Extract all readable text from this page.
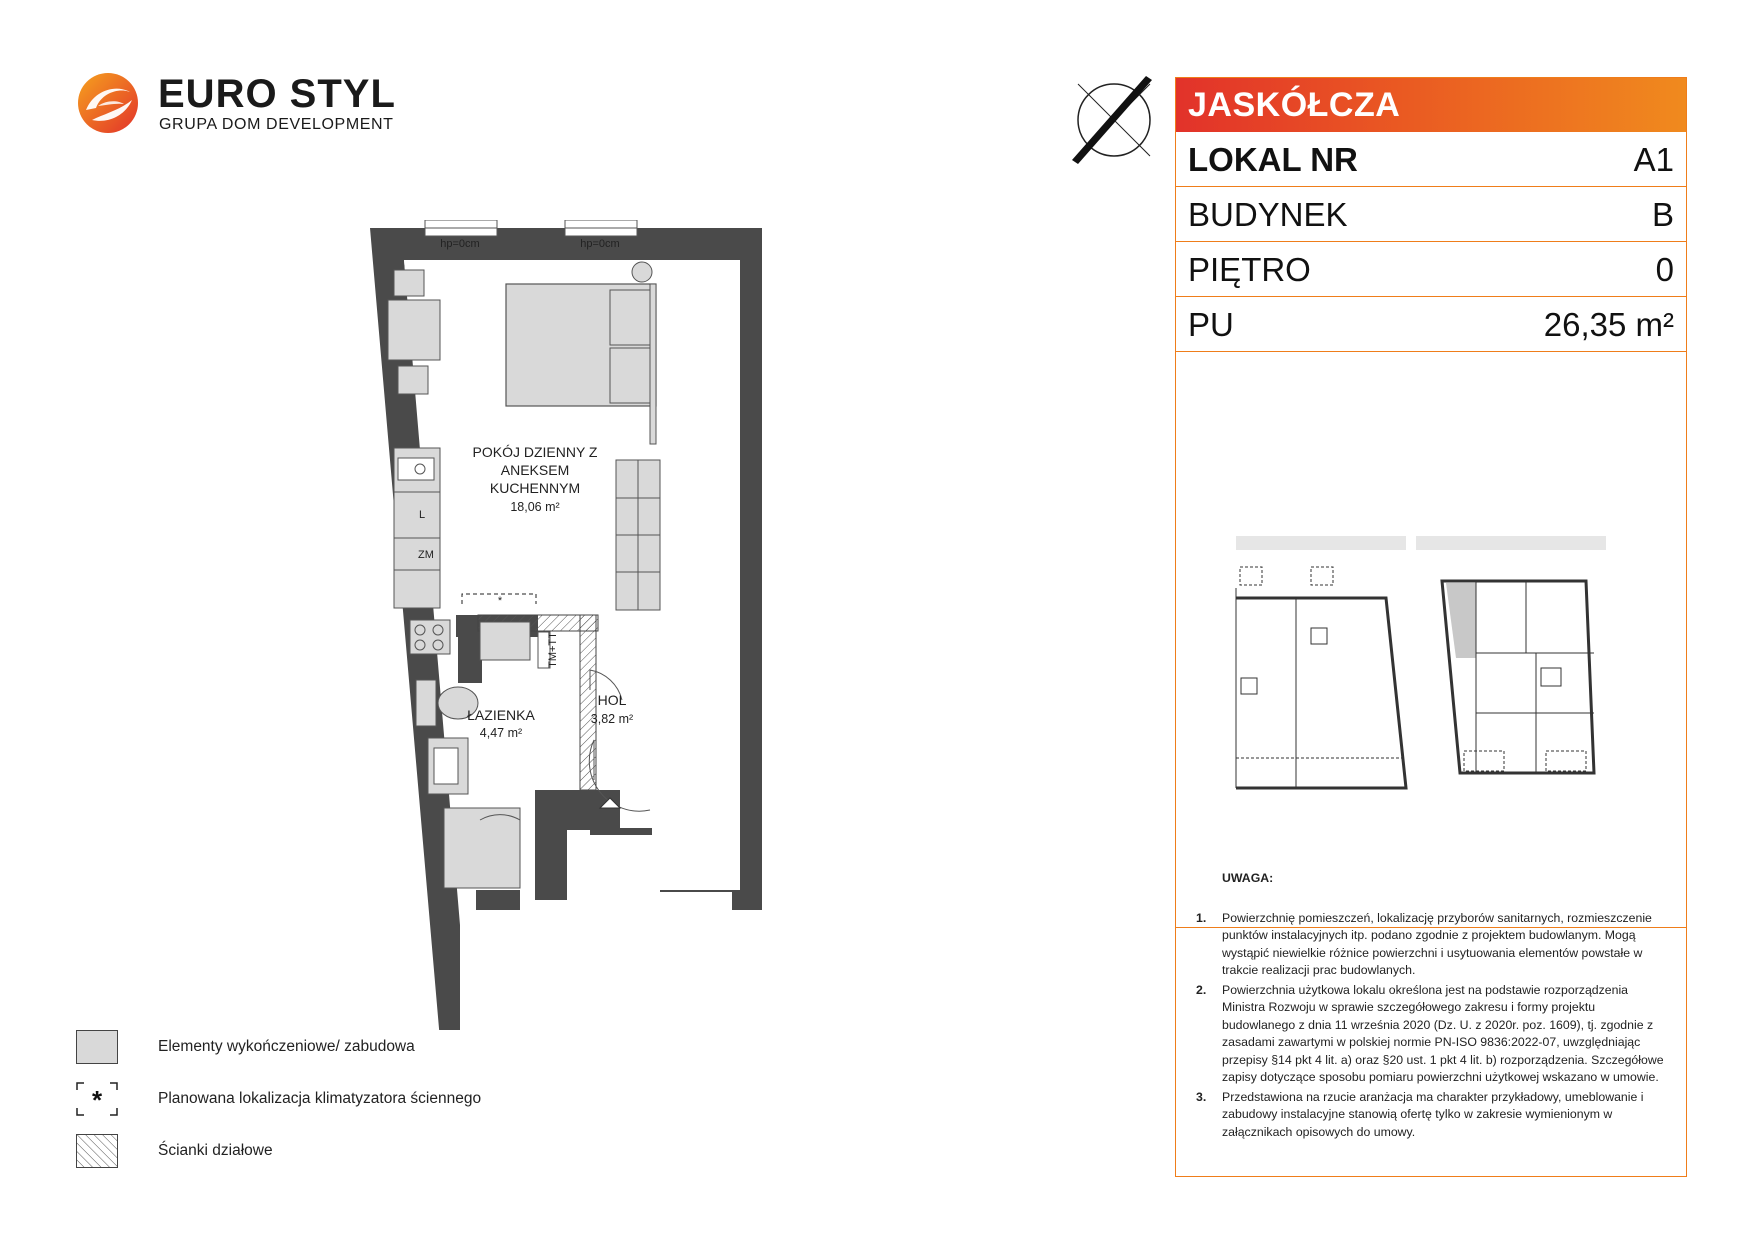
EURO STYL
GRUPA DOM DEVELOPMENT
hp=0cm	hp=0cm
L
ZM
*
TM+TT
POKÓJ DZIENNY Z
ANEKSEM
KUCHENNYM
18,06 m²
ŁAZIENKA
4,47 m²
HOL
3,82 m²
JASKÓŁCZA
LOKAL NR	A1
BUDYNEK	B
PIĘTRO	0
PU	26,35 m²
UWAGA:
1. Powierzchnię pomieszczeń, lokalizację przyborów sanitarnych, rozmieszczenie punktów instalacyjnych itp. podano zgodnie z projektem budowlanym. Mogą wystąpić niewielkie różnice powierzchni i usytuowania elementów powstałe w trakcie realizacji prac budowlanych.
2. Powierzchnia użytkowa lokalu określona jest na podstawie rozporządzenia Ministra Rozwoju w sprawie szczegółowego zakresu i formy projektu budowlanego z dnia 11 września 2020 (Dz. U. z 2020r. poz. 1609), tj. zgodnie z zasadami zawartymi w polskiej normie PN-ISO 9836:2022-07, uwzględniając przepisy §14 pkt 4 lit. a) oraz §20 ust. 1 pkt 4 lit. b) rozporządzenia. Szczegółowe zapisy dotyczące sposobu pomiaru powierzchni użytkowej wskazano w umowie.
3. Przedstawiona na rzucie aranżacja ma charakter przykładowy, umeblowanie i zabudowy instalacyjne stanowią ofertę tylko w zakresie wymienionym w załącznikach opisowych do umowy.
Elementy wykończeniowe/ zabudowa
*	Planowana lokalizacja klimatyzatora ściennego
Ścianki działowe
